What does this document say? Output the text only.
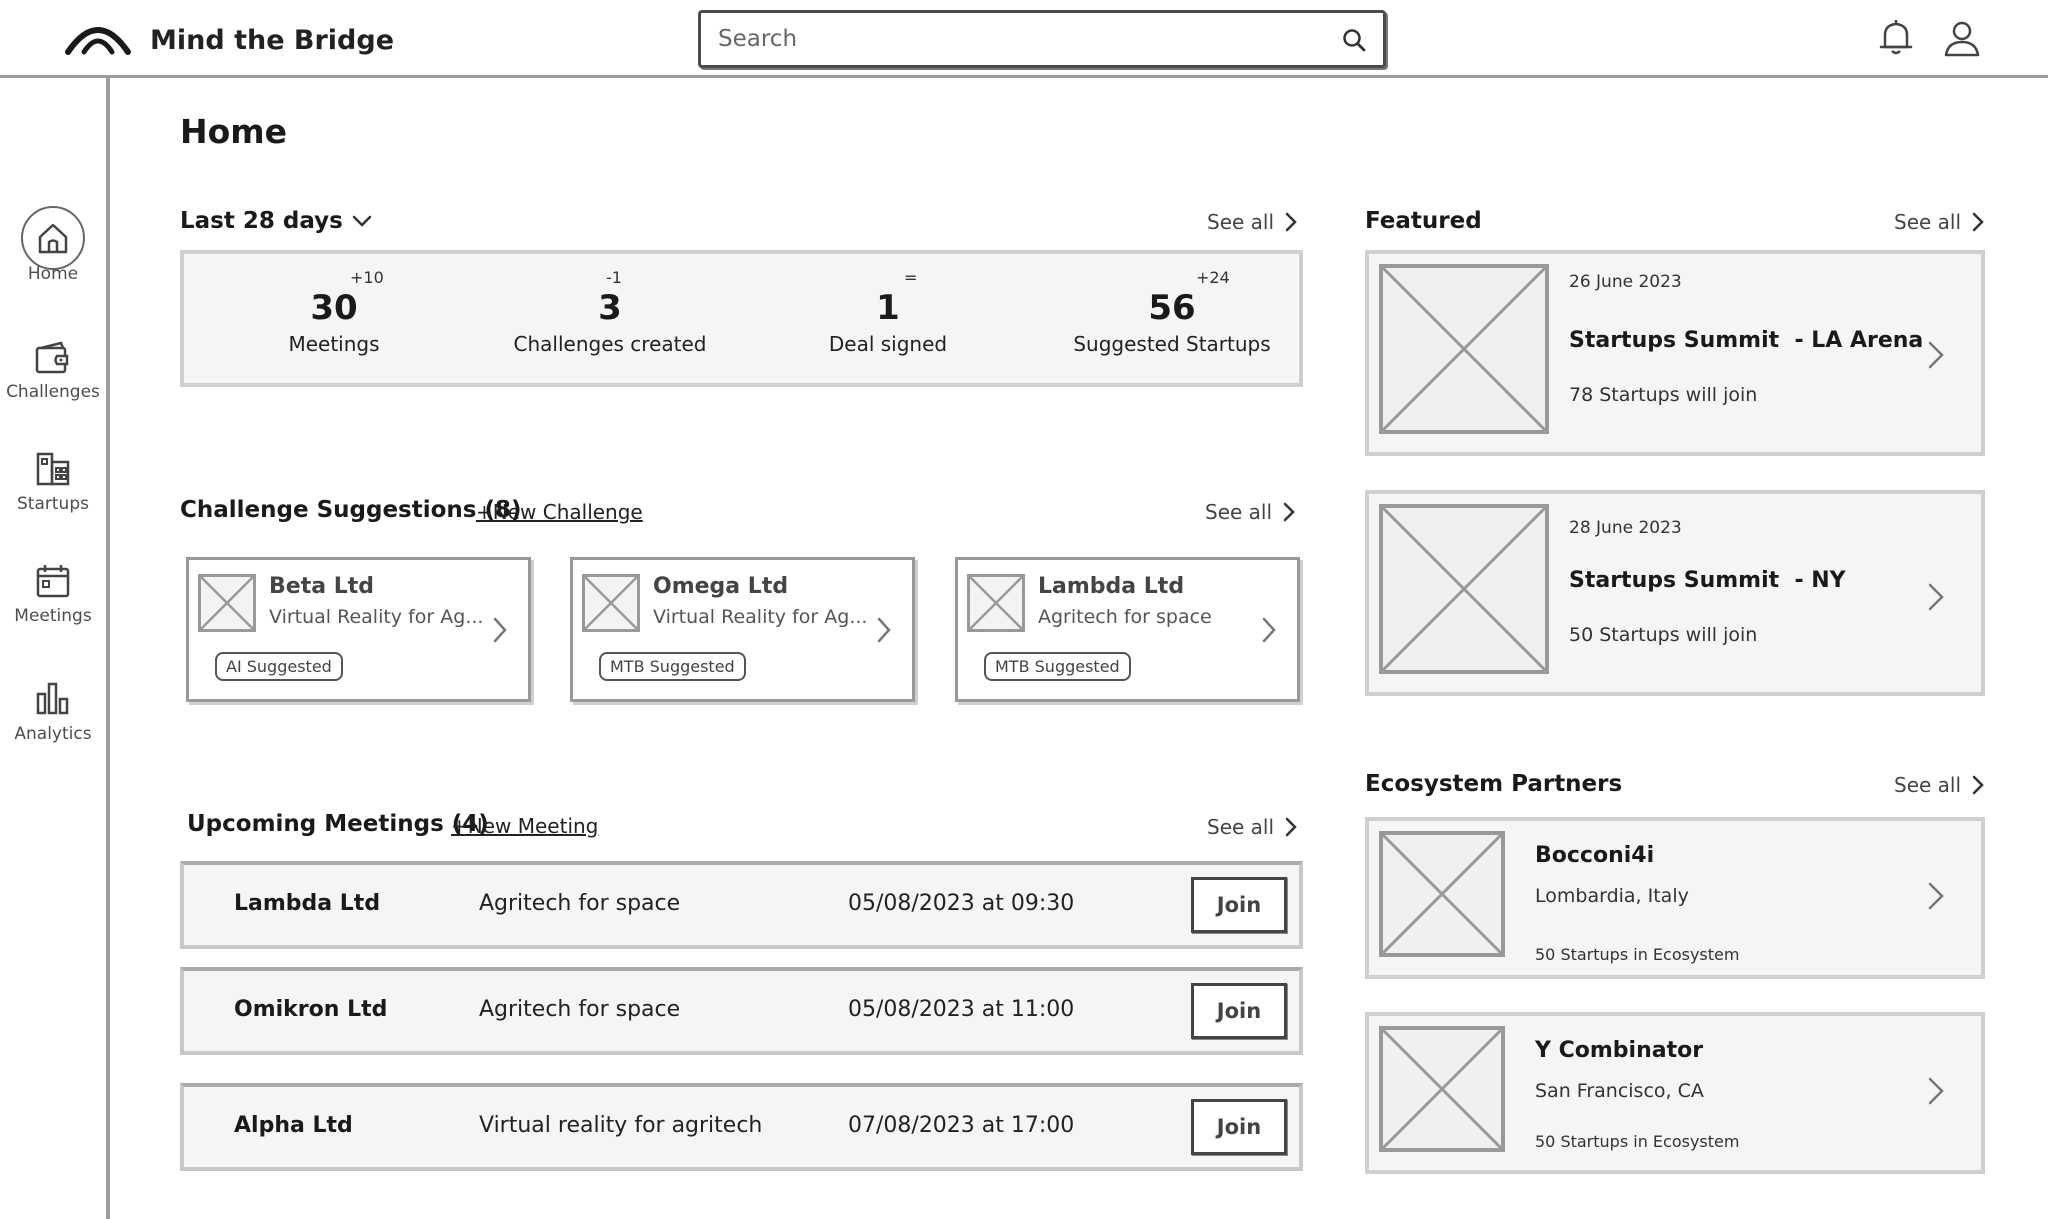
Mind the Bridge
Search
Home
Challenges
Startups
Meetings
Analytics
Home
Last 28 days	See all
+10
30
Meetings
-1
3
Challenges created
=
1
Deal signed
+24
56
Suggested Startups
Challenge Suggestions (8)
+New Challenge	See all
Beta Ltd
Virtual Reality for Ag...
AI Suggested
Omega Ltd
Virtual Reality for Ag...
MTB Suggested
Lambda Ltd
Agritech for space
MTB Suggested
Upcoming Meetings (4)
+New Meeting	See all
Lambda Ltd	Agritech for space	05/08/2023 at 09:30	Join
Omikron Ltd	Agritech for space	05/08/2023 at 11:00	Join
Alpha Ltd	Virtual reality for agritech	07/08/2023 at 17:00	Join
Featured	See all
26 June 2023
Startups Summit  - LA Arena
78 Startups will join
28 June 2023
Startups Summit  - NY
50 Startups will join
Ecosystem Partners	See all
Bocconi4i
Lombardia, Italy
50 Startups in Ecosystem
Y Combinator
San Francisco, CA
50 Startups in Ecosystem
